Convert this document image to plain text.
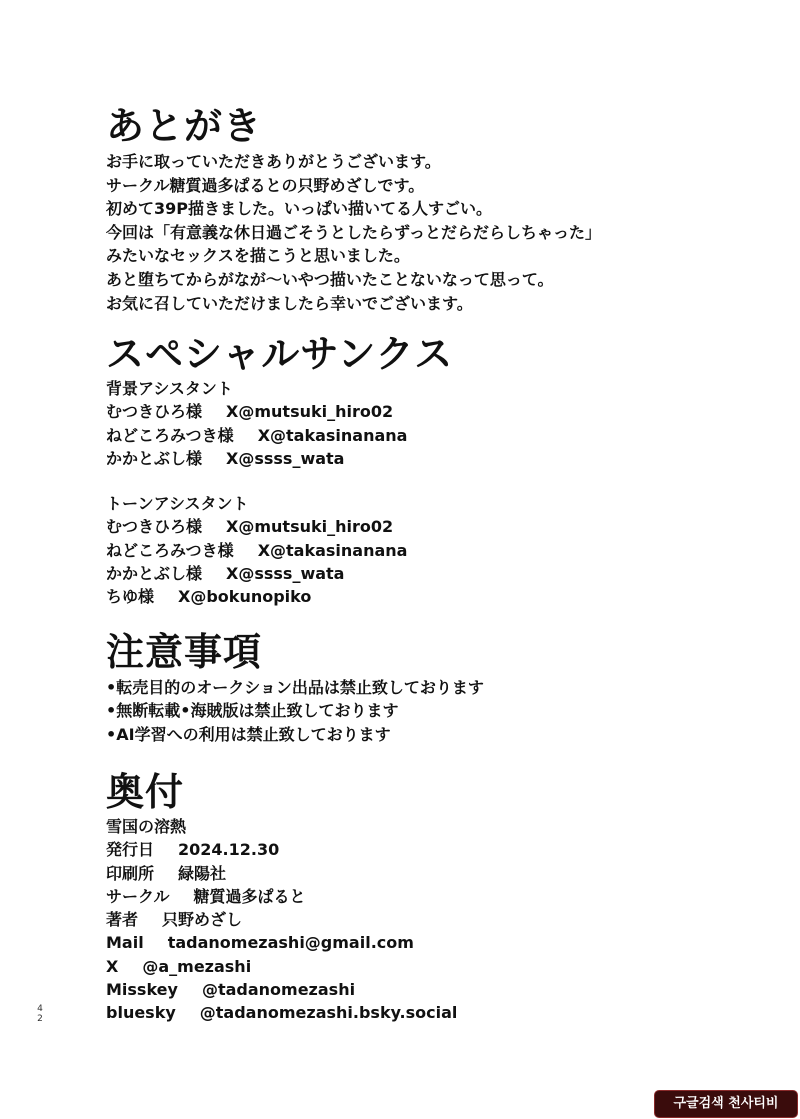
あとがき
お手に取っていただきありがとうございます。
サークル糖質過多ぱるとの只野めざしです。
初めて39P描きました。いっぱい描いてる人すごい。
今回は「有意義な休日過ごそうとしたらずっとだらだらしちゃった」
みたいなセックスを描こうと思いました。
あと堕ちてからがなが〜いやつ描いたことないなって思って。
お気に召していただけましたら幸いでございます。
スペシャルサンクス
背景アシスタント
むつきひろ様 X@mutsuki_hiro02
ねどころみつき様 X@takasinanana
かかとぶし様 X@ssss_wata
トーンアシスタント
むつきひろ様 X@mutsuki_hiro02
ねどころみつき様 X@takasinanana
かかとぶし様 X@ssss_wata
ちゆ様 X@bokunopiko
注意事項
•転売目的のオークション出品は禁止致しております
•無断転載•海賊版は禁止致しております
•AI学習への利用は禁止致しております
奥付
雪国の溶熱
発行日 2024.12.30
印刷所 緑陽社
サークル 糖質過多ぱると
著者 只野めざし
Mail tadanomezashi@gmail.com
X @a_mezashi
Misskey @tadanomezashi
bluesky @tadanomezashi.bsky.social
4
2
구글검색 천사티비
